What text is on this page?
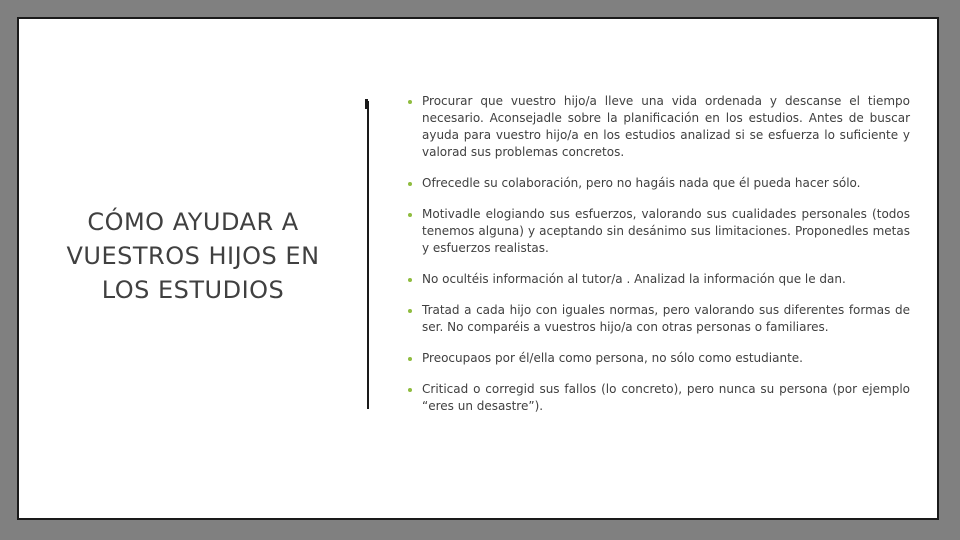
CÓMO AYUDAR A VUESTROS HIJOS EN LOS ESTUDIOS
Procurar que vuestro hijo/a lleve una vida ordenada y descanse el tiempo necesario. Aconsejadle sobre la planificación en los estudios. Antes de buscar ayuda para vuestro hijo/a en los estudios analizad si se esfuerza lo suficiente y valorad sus problemas concretos.
Ofrecedle su colaboración, pero no hagáis nada que él pueda hacer sólo.
Motivadle elogiando sus esfuerzos, valorando sus cualidades personales (todos tenemos alguna) y aceptando sin desánimo sus limitaciones. Proponedles metas y esfuerzos realistas.
No ocultéis información al tutor/a . Analizad la información que le dan.
Tratad a cada hijo con iguales normas, pero valorando sus diferentes formas de ser. No comparéis a vuestros hijo/a con otras personas o familiares.
Preocupaos por él/ella como persona, no sólo como estudiante.
Criticad o corregid sus fallos (lo concreto), pero nunca su persona (por ejemplo “eres un desastre”).
